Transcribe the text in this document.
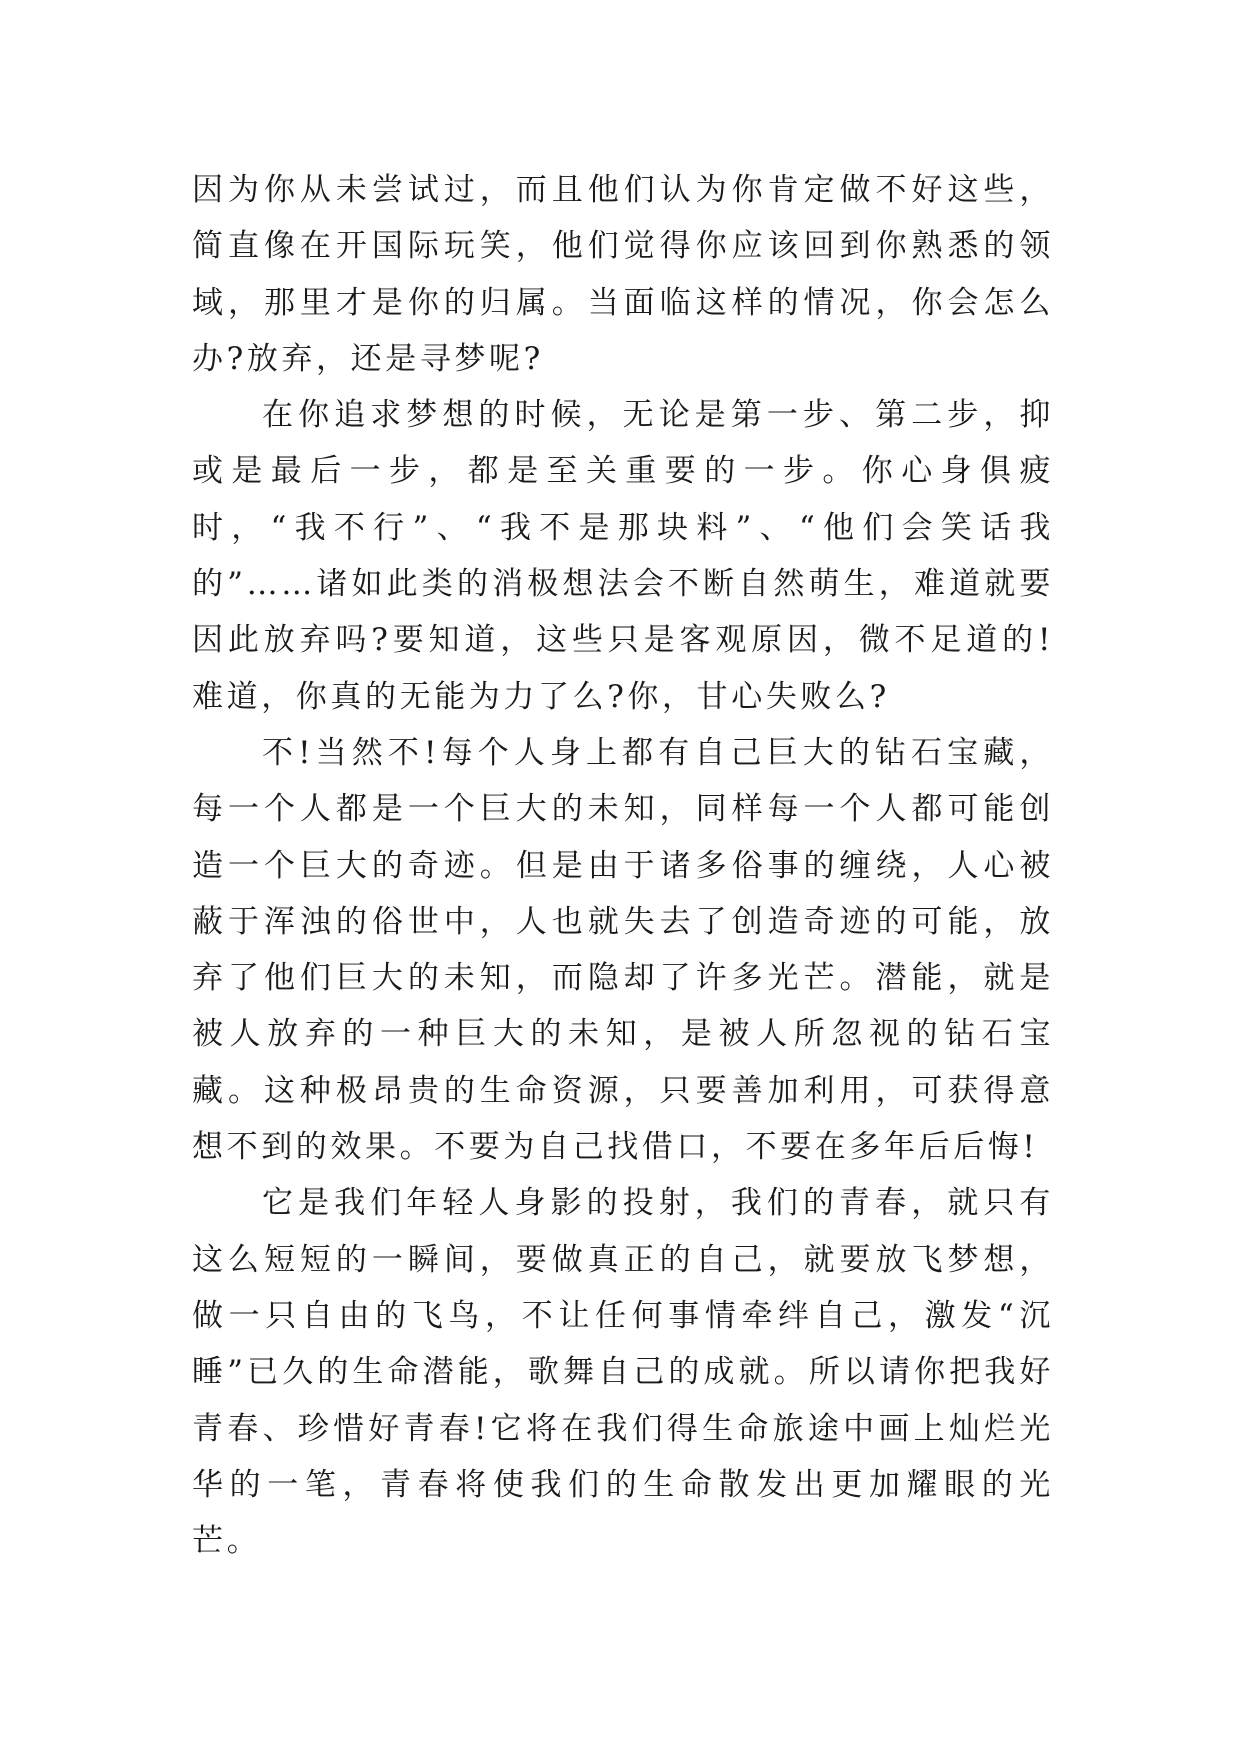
因为你从未尝试过，而且他们认为你肯定做不好这些，简直像在开国际玩笑，他们觉得你应该回到你熟悉的领域，那里才是你的归属。当面临这样的情况，你会怎么办?放弃，还是寻梦呢?

在你追求梦想的时候，无论是第一步、第二步，抑或是最后一步，都是至关重要的一步。你心身俱疲时，“我不行”、“我不是那块料”、“他们会笑话我的”……诸如此类的消极想法会不断自然萌生，难道就要因此放弃吗?要知道，这些只是客观原因，微不足道的!难道，你真的无能为力了么?你，甘心失败么?

不!当然不!每个人身上都有自己巨大的钻石宝藏，每一个人都是一个巨大的未知，同样每一个人都可能创造一个巨大的奇迹。但是由于诸多俗事的缠绕，人心被蔽于浑浊的俗世中，人也就失去了创造奇迹的可能，放弃了他们巨大的未知，而隐却了许多光芒。潜能，就是被人放弃的一种巨大的未知，是被人所忽视的钻石宝藏。这种极昂贵的生命资源，只要善加利用，可获得意想不到的效果。不要为自己找借口，不要在多年后后悔!

它是我们年轻人身影的投射，我们的青春，就只有这么短短的一瞬间，要做真正的自己，就要放飞梦想，做一只自由的飞鸟，不让任何事情牵绊自己，激发“沉睡”已久的生命潜能，歌舞自己的成就。所以请你把我好青春、珍惜好青春!它将在我们得生命旅途中画上灿烂光华的一笔，青春将使我们的生命散发出更加耀眼的光芒。
